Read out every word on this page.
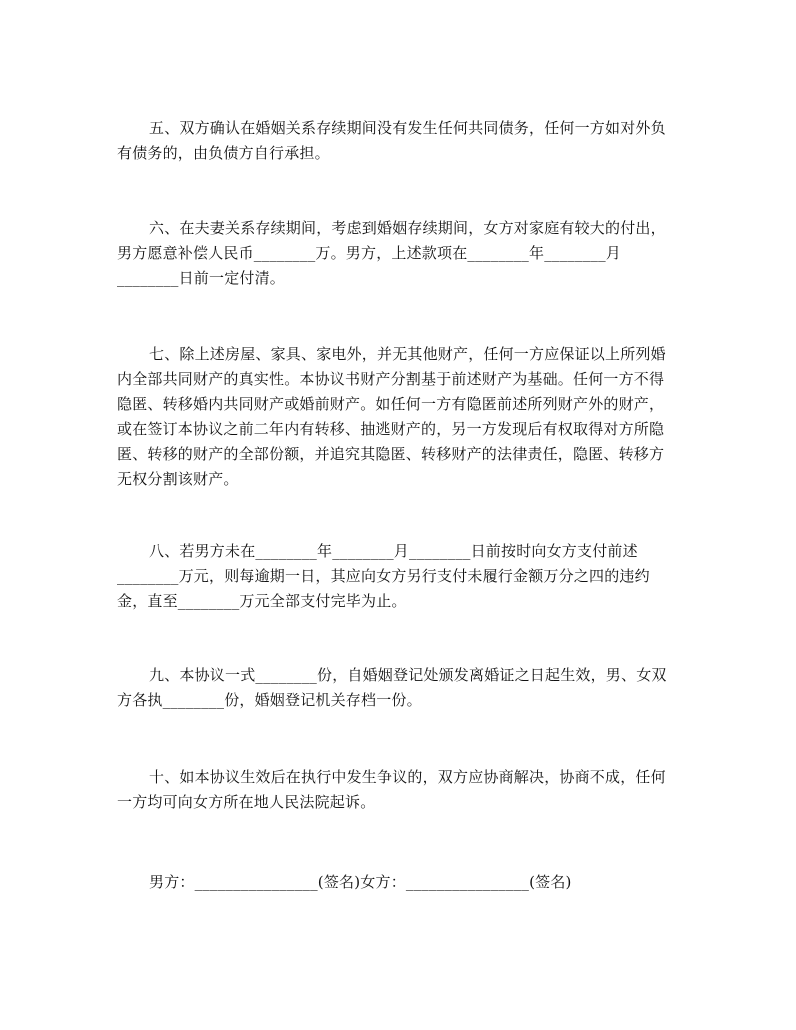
五、双方确认在婚姻关系存续期间没有发生任何共同债务，任何一方如对外负
有债务的，由负债方自行承担。
六、在夫妻关系存续期间，考虑到婚姻存续期间，女方对家庭有较大的付出，
男方愿意补偿人民币________万。男方，上述款项在________年________月
________日前一定付清。
七、除上述房屋、家具、家电外，并无其他财产，任何一方应保证以上所列婚
内全部共同财产的真实性。本协议书财产分割基于前述财产为基础。任何一方不得
隐匿、转移婚内共同财产或婚前财产。如任何一方有隐匿前述所列财产外的财产，
或在签订本协议之前二年内有转移、抽逃财产的，另一方发现后有权取得对方所隐
匿、转移的财产的全部份额，并追究其隐匿、转移财产的法律责任，隐匿、转移方
无权分割该财产。
八、若男方未在________年________月________日前按时向女方支付前述
________万元，则每逾期一日，其应向女方另行支付未履行金额万分之四的违约
金，直至________万元全部支付完毕为止。
九、本协议一式________份，自婚姻登记处颁发离婚证之日起生效，男、女双
方各执________份，婚姻登记机关存档一份。
十、如本协议生效后在执行中发生争议的，双方应协商解决，协商不成，任何
一方均可向女方所在地人民法院起诉。
男方：________________(签名)女方：________________(签名)
